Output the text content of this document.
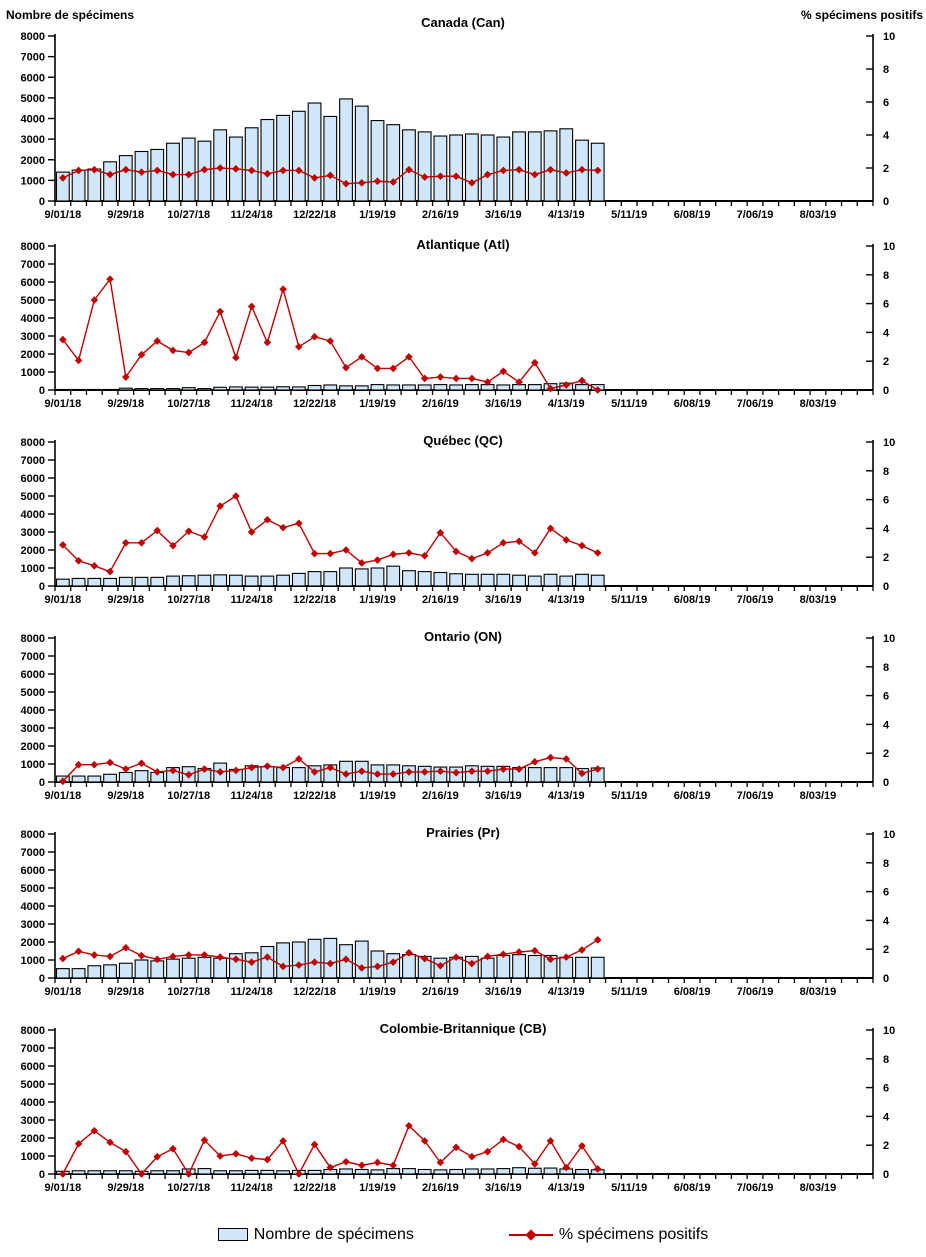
Nombre de spécimens	% spécimens positifs
Canada (Can)
0
1000
2000
3000
4000
5000
6000
7000
8000
0
2
4
6
8
10
9/01/18 9/29/18 10/27/18 11/24/18 12/22/18 1/19/19 2/16/19 3/16/19 4/13/19 5/11/19 6/08/19 7/06/19 8/03/19
Atlantique (Atl)
0
1000
2000
3000
4000
5000
6000
7000
8000
0
2
4
6
8
10
9/01/18 9/29/18 10/27/18 11/24/18 12/22/18 1/19/19 2/16/19 3/16/19 4/13/19 5/11/19 6/08/19 7/06/19 8/03/19
Québec (QC)
0
1000
2000
3000
4000
5000
6000
7000
8000
0
2
4
6
8
10
9/01/18 9/29/18 10/27/18 11/24/18 12/22/18 1/19/19 2/16/19 3/16/19 4/13/19 5/11/19 6/08/19 7/06/19 8/03/19
Ontario (ON)
0
1000
2000
3000
4000
5000
6000
7000
8000
0
2
4
6
8
10
9/01/18 9/29/18 10/27/18 11/24/18 12/22/18 1/19/19 2/16/19 3/16/19 4/13/19 5/11/19 6/08/19 7/06/19 8/03/19
Prairies (Pr)
0
1000
2000
3000
4000
5000
6000
7000
8000
0
2
4
6
8
10
9/01/18 9/29/18 10/27/18 11/24/18 12/22/18 1/19/19 2/16/19 3/16/19 4/13/19 5/11/19 6/08/19 7/06/19 8/03/19
Colombie-Britannique (CB)
0
1000
2000
3000
4000
5000
6000
7000
8000
0
2
4
6
8
10
9/01/18 9/29/18 10/27/18 11/24/18 12/22/18 1/19/19 2/16/19 3/16/19 4/13/19 5/11/19 6/08/19 7/06/19 8/03/19
Nombre de spécimens	% spécimens positifs
